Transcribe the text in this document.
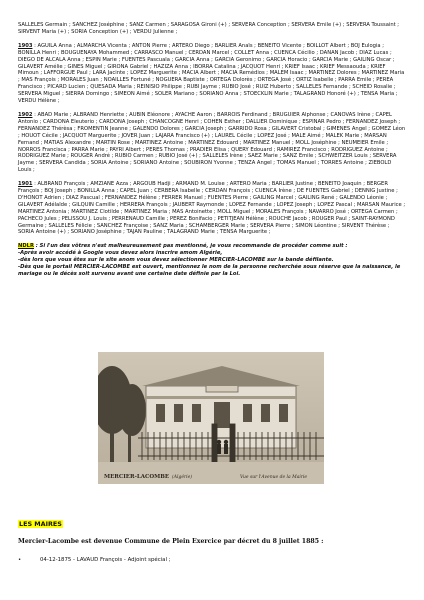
SALLELES Germain ; SANCHEZ Joséphine ; SANZ Carmen ; SARAGOSA Gironi (+) ; SERVERA Conception ; SERVERA Emile (+) ; SERVERA Toussaint ; SIRVENT Maria (+) ; SORIA Conception (+) ; VERDU Julienne ;

1903 : AGUILA Anna ; ALMARCHA Vicenta ; ANTON Pierre ; ARTERO Diego ; BARLIER Anaïs ; BENEITO Vicente ; BOILLOT Albert ; BOJ Eulogia ; BONILLA Henri ; BOUGUENAYA Mohammed ; CARRASCO Manuel ; CERDAN Marcel ; COLLET Anna ; CUENCA Cécilio ; DANAN Jacob ; DIAZ Lucas ; DIEGO DE ALCALA Anna ; ESPIN Marie ; FUENTES Pascuala ; GARCIA Anna ; GARCIA Geronimo ; GARCIA Horacio ; GARCIA Marie ; GAILING Oscar ; GILAVERT Amélie ; GINES Miguel ; GIRONA Gabriel ; HAZIZA Anna ; IBORRA Catalina ; JACQUOT Henri ; KRIEF Isaac ; KRIEF Messaouda ; KRIEF Mimoun ; LAFFORGUE Paul ; LARA Jacinte ; LOPEZ Marguerite ; MACIA Albert ; MACIA Remédios ; MALEM Isaac ; MARTINEZ Dolores ; MARTINEZ Maria ; MAS François ; MORALES Juan ; NOAILLES Fortuné ; NOGUERA Baptiste ; ORTEGA Dolorès ; ORTEGA José ; ORTIZ Isabelle ; PARRA Emile ; PEREA Francisco ; PICARD Lucien ; QUESADA Maria ; REINISIO Philippe ; RUBI Jayme ; RUBIO José ; RUIZ Huberto ; SALLELES Fernande ; SCHEID Rosalie ; SERVERA Miguel ; SIERRA Domingo ; SIMEON Aimé ; SOLER Mariano ; SORIANO Anna ; STOECKLIN Marie ; TALAGRAND Honoré (+) ; TENSA Maria ; VERDU Hélène ;

1902 : ABAD Marie ; ALBRAND Henriette ; AUBIN Eléonore ; AYACHE Aaron ; BARROIS Ferdinand ; BRUGUIER Alphonse ; CANOVAS Irène ; CAPEL Antonio ; CARDONA Eleuterio ; CARDONA Joseph ; CHANCOGNE Henri ; COHEN Esther ; DALLIER Dominique ; ESPINAR Pedro ; FERNANDEZ Joseph ; FERNANDEZ Thérèsa ; FROMENTIN Jeanne ; GALENDO Dolores ; GARCIA Joseph ; GARRIDO Rosa ; GILAVERT Cristobal ; GIMENES Angel ; GOMEZ Léon ; HOUOT Cécile ; JACQUOT Marguerite ; JOVER Juan ; LAJARA Francisco (+) ; LAUREL Cécile ; LOPEZ José ; MALE Aimé ; MALEK Marie ; MARSAN Fernand ; MATIAS Alexandre ; MARTIN Rose ; MARTINEZ Antoine ; MARTINEZ Edouard ; MARTINEZ Manuel ; MOLL Joséphine ; NEUMEIER Emile ; NORROS Francisca ; PARRA Marie ; PAYRI Albert ; PERES Thomas ; PRADIER Elisa ; QUERY Edouard ; RAMIREZ Francisco ; RODRIGUEZ Antoine ; RODRIGUEZ Marie ; ROUGER André ; RUBIO Carmen ; RUBIO José (+) ; SALLELES Irène ; SAEZ Marie ; SANZ Emile ; SCHWEITZER Louis ; SERVERA Jayme ; SERVERA Candida ; SORIA Antoine ; SORIANO Antoine ; SOUBIRON Yvonne ; TENZA Angel ; TOMAS Manuel ; TORRES Antoine ; ZIEBOLD Louis ;

1901 : ALBRAND François ; AMZIANE Azza ; ARGOUB Hadji ; ARMAND M. Louise ; ARTERO Maria ; BARLIER Justine ; BENEITO Joaquin ; BERGER François ; BOJ Joseph ; BONILLA Anna ; CAPEL Juan ; CERBERA Isabelle ; CERDAN François ; CUENCA Irène ; DE FUENTES Gabriel ; DENNIG Justine ; D'HONOT Adrien ; DIAZ Pascual ; FERNANDEZ Hélène ; FERRER Manuel ; FUENTES Pierre ; GAILING Marcel ; GAILING René ; GALENDO Léonie ; GILAVERT Adélaïde ; GILQUIN Camille ; HERRERA François ; JAUBERT Raymonde ; LOPEZ Fernande ; LOPEZ Joseph ; LOPEZ Pascal ; MARSAN Maurice ; MARTINEZ Antonia ; MARTINEZ Clotilde ; MARTINEZ Maria ; MAS Antoinette ; MOLL Miguel ; MORALES François ; NAVARRO José ; ORTEGA Carmen ; PACHECO Jules ; PELISSOU J. Louis ; PERRENAUD Camille ; PEREZ Bonifacio ; PETITJEAN Hélène ; ROUCHE Jacob ; ROUGER Paul ; SAINT-RAYMOND Germaine ; SALLELES Félicie ; SANCHEZ Françoise ; SANZ Maria ; SCHAMBERGER Marie ; SERVERA Pierre ; SIMON Léontine ; SIRVENT Thérèse ; SORIA Antoine (+) ; SORIANO Joséphine ; TAJAN Pauline ; TALAGRAND Marie ; TENSA Marguerite ;

NDLR : Si l'un des vôtres n'est malheureusement pas mentionné, je vous recommande de procéder comme suit :
-Après avoir accédé à Google vous devez alors inscrire amom Algérie,
-dès lors que vous êtes sur le site anom vous devez sélectionner MERCIER-LACOMBE sur la bande défilante.
-Dès que le portail MERCIER-LACOMBE est ouvert, mentionnez le nom de la personne recherchée sous réserve que la naissance, le mariage ou le décès soit survenu avant une certaine date définie par la Loi.
MERCIER-LACOMBE (Algérie)	Vue sur l'Avenue de la Mairie
LES MAIRES
Mercier-Lacombe est devenue Commune de Plein Exercice par décret du 8 juillet 1885 :
•	04-12-1875 - LAVAUD François - Adjoint spécial ;
